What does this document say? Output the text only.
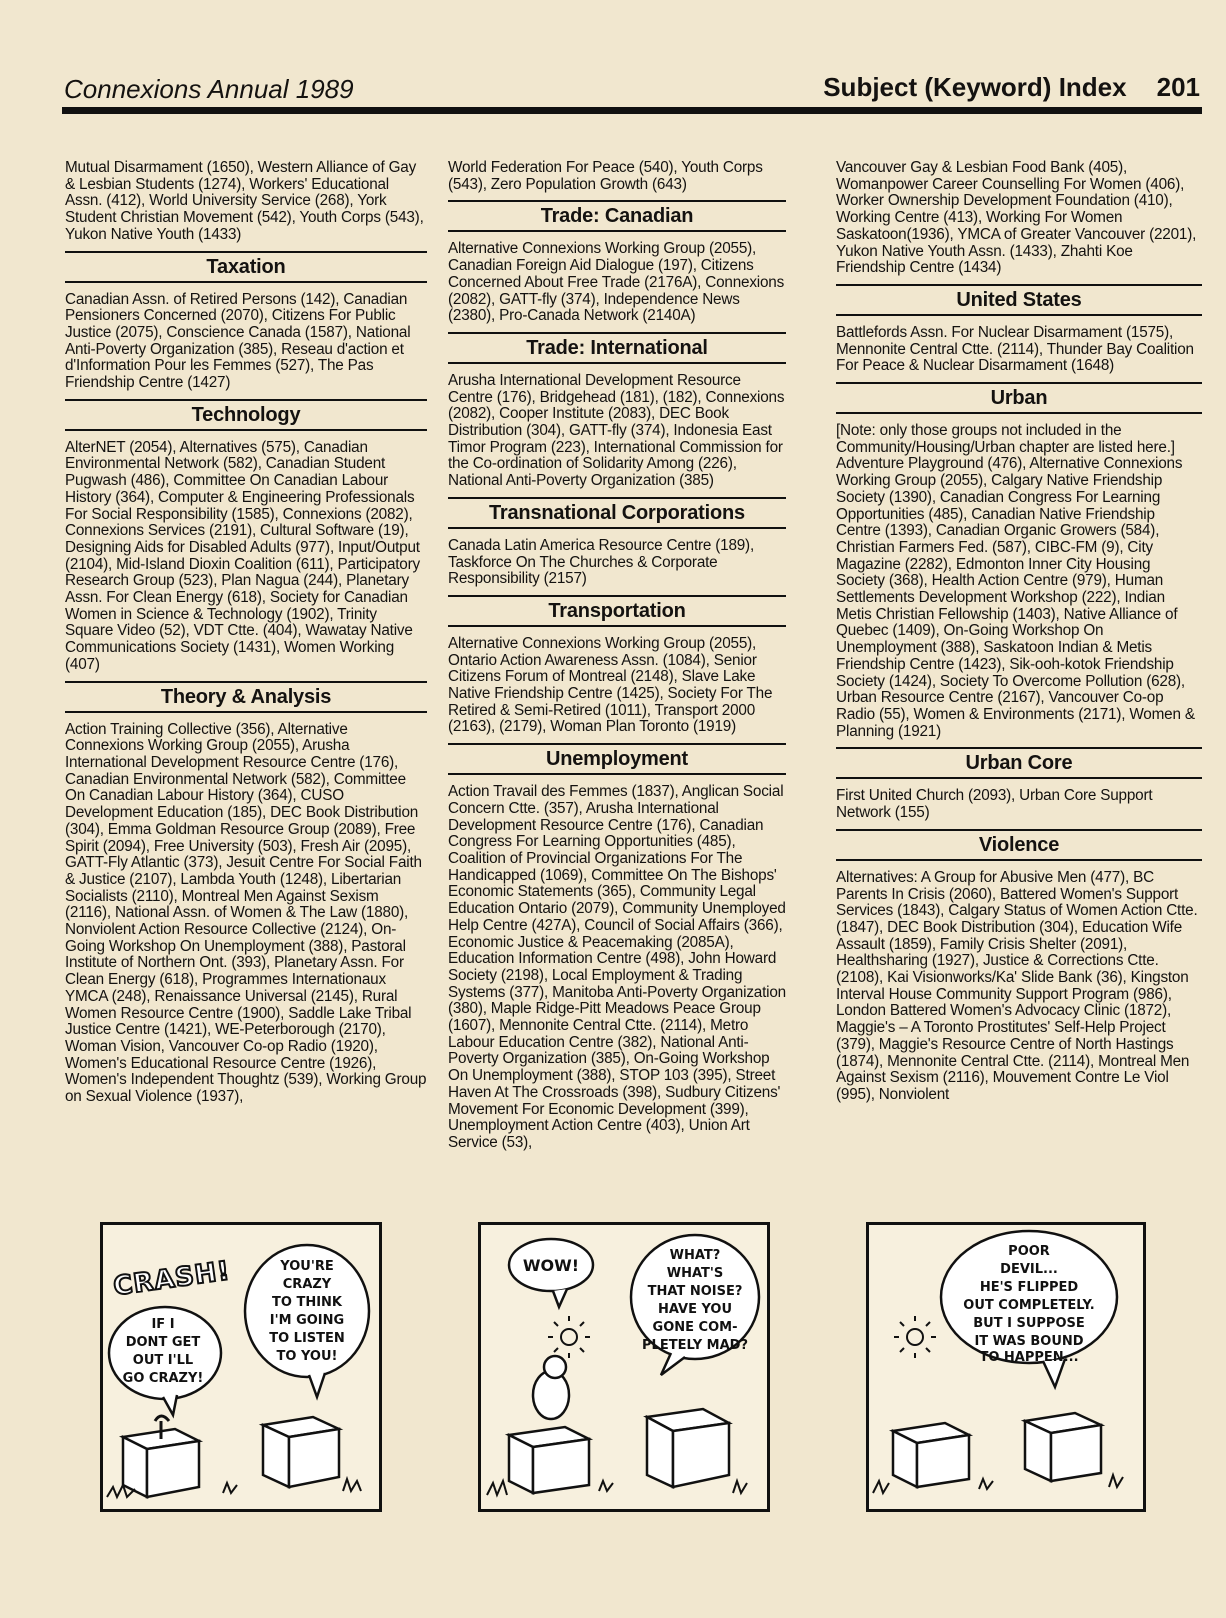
Connexions Annual 1989	Subject (Keyword) Index 201

Mutual Disarmament (1650), Western Alliance of Gay & Lesbian Students (1274), Workers' Educational Assn. (412), World University Service (268), York Student Christian Movement (542), Youth Corps (543), Yukon Native Youth (1433)

Taxation

Canadian Assn. of Retired Persons (142), Canadian Pensioners Concerned (2070), Citizens For Public Justice (2075), Conscience Canada (1587), National Anti-Poverty Organization (385), Reseau d'action et d'Information Pour les Femmes (527), The Pas Friendship Centre (1427)

Technology

AlterNET (2054), Alternatives (575), Canadian Environmental Network (582), Canadian Student Pugwash (486), Committee On Canadian Labour History (364), Computer & Engineering Professionals For Social Responsibility (1585), Connexions (2082), Connexions Services (2191), Cultural Software (19), Designing Aids for Disabled Adults (977), Input/Output (2104), Mid-Island Dioxin Coalition (611), Participatory Research Group (523), Plan Nagua (244), Planetary Assn. For Clean Energy (618), Society for Canadian Women in Science & Technology (1902), Trinity Square Video (52), VDT Ctte. (404), Wawatay Native Communications Society (1431), Women Working (407)

Theory & Analysis

Action Training Collective (356), Alternative Connexions Working Group (2055), Arusha International Development Resource Centre (176), Canadian Environmental Network (582), Committee On Canadian Labour History (364), CUSO Development Education (185), DEC Book Distribution (304), Emma Goldman Resource Group (2089), Free Spirit (2094), Free University (503), Fresh Air (2095), GATT-Fly Atlantic (373), Jesuit Centre For Social Faith & Justice (2107), Lambda Youth (1248), Libertarian Socialists (2110), Montreal Men Against Sexism (2116), National Assn. of Women & The Law (1880), Nonviolent Action Resource Collective (2124), On-Going Workshop On Unemployment (388), Pastoral Institute of Northern Ont. (393), Planetary Assn. For Clean Energy (618), Programmes Internationaux YMCA (248), Renaissance Universal (2145), Rural Women Resource Centre (1900), Saddle Lake Tribal Justice Centre (1421), WE-Peterborough (2170), Woman Vision, Vancouver Co-op Radio (1920), Women's Educational Resource Centre (1926), Women's Independent Thoughtz (539), Working Group on Sexual Violence (1937),

World Federation For Peace (540), Youth Corps (543), Zero Population Growth (643)

Trade: Canadian

Alternative Connexions Working Group (2055), Canadian Foreign Aid Dialogue (197), Citizens Concerned About Free Trade (2176A), Connexions (2082), GATT-fly (374), Independence News (2380), Pro-Canada Network (2140A)

Trade: International

Arusha International Development Resource Centre (176), Bridgehead (181), (182), Connexions (2082), Cooper Institute (2083), DEC Book Distribution (304), GATT-fly (374), Indonesia East Timor Program (223), International Commission for the Co-ordination of Solidarity Among (226), National Anti-Poverty Organization (385)

Transnational Corporations

Canada Latin America Resource Centre (189), Taskforce On The Churches & Corporate Responsibility (2157)

Transportation

Alternative Connexions Working Group (2055), Ontario Action Awareness Assn. (1084), Senior Citizens Forum of Montreal (2148), Slave Lake Native Friendship Centre (1425), Society For The Retired & Semi-Retired (1011), Transport 2000 (2163), (2179), Woman Plan Toronto (1919)

Unemployment

Action Travail des Femmes (1837), Anglican Social Concern Ctte. (357), Arusha International Development Resource Centre (176), Canadian Congress For Learning Opportunities (485), Coalition of Provincial Organizations For The Handicapped (1069), Committee On The Bishops' Economic Statements (365), Community Legal Education Ontario (2079), Community Unemployed Help Centre (427A), Council of Social Affairs (366), Economic Justice & Peacemaking (2085A), Education Information Centre (498), John Howard Society (2198), Local Employment & Trading Systems (377), Manitoba Anti-Poverty Organization (380), Maple Ridge-Pitt Meadows Peace Group (1607), Mennonite Central Ctte. (2114), Metro Labour Education Centre (382), National Anti-Poverty Organization (385), On-Going Workshop On Unemployment (388), STOP 103 (395), Street Haven At The Crossroads (398), Sudbury Citizens' Movement For Economic Development (399), Unemployment Action Centre (403), Union Art Service (53),

Vancouver Gay & Lesbian Food Bank (405), Womanpower Career Counselling For Women (406), Worker Ownership Development Foundation (410), Working Centre (413), Working For Women Saskatoon(1936), YMCA of Greater Vancouver (2201), Yukon Native Youth Assn. (1433), Zhahti Koe Friendship Centre (1434)

United States

Battlefords Assn. For Nuclear Disarmament (1575), Mennonite Central Ctte. (2114), Thunder Bay Coalition For Peace & Nuclear Disarmament (1648)

Urban

[Note: only those groups not included in the Community/Housing/Urban chapter are listed here.]

Adventure Playground (476), Alternative Connexions Working Group (2055), Calgary Native Friendship Society (1390), Canadian Congress For Learning Opportunities (485), Canadian Native Friendship Centre (1393), Canadian Organic Growers (584), Christian Farmers Fed. (587), CIBC-FM (9), City Magazine (2282), Edmonton Inner City Housing Society (368), Health Action Centre (979), Human Settlements Development Workshop (222), Indian Metis Christian Fellowship (1403), Native Alliance of Quebec (1409), On-Going Workshop On Unemployment (388), Saskatoon Indian & Metis Friendship Centre (1423), Sik-ooh-kotok Friendship Society (1424), Society To Overcome Pollution (628), Urban Resource Centre (2167), Vancouver Co-op Radio (55), Women & Environments (2171), Women & Planning (1921)

Urban Core

First United Church (2093), Urban Core Support Network (155)

Violence

Alternatives: A Group for Abusive Men (477), BC Parents In Crisis (2060), Battered Women's Support Services (1843), Calgary Status of Women Action Ctte. (1847), DEC Book Distribution (304), Education Wife Assault (1859), Family Crisis Shelter (2091), Healthsharing (1927), Justice & Corrections Ctte. (2108), Kai Visionworks/Ka' Slide Bank (36), Kingston Interval House Community Support Program (986), London Battered Women's Advocacy Clinic (1872), Maggie's – A Toronto Prostitutes' Self-Help Project (379), Maggie's Resource Centre of North Hastings (1874), Mennonite Central Ctte. (2114), Montreal Men Against Sexism (2116), Mouvement Contre Le Viol (995), Nonviolent

CRASH!
IF I
DONT GET
OUT I'LL
GO CRAZY!
YOU'RE
CRAZY
TO THINK
I'M GOING
TO LISTEN
TO YOU!
WOW!
WHAT?
WHAT'S
THAT NOISE?
HAVE YOU
GONE COM-
PLETELY MAD?
POOR
DEVIL...
HE'S FLIPPED
OUT COMPLETELY.
BUT I SUPPOSE
IT WAS BOUND
TO HAPPEN...
